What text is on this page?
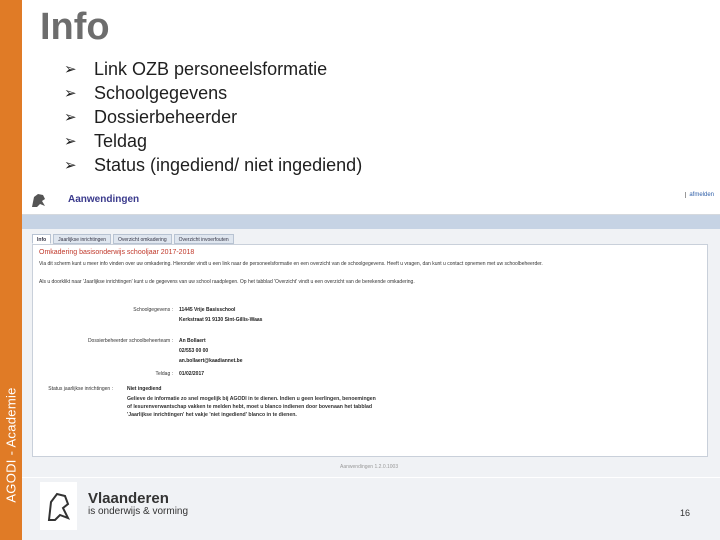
AGODI - Academie
Info
➢ Link OZB personeelsformatie
➢ Schoolgegevens
➢ Dossierbeheerder
➢ Teldag
➢ Status (ingediend/ niet ingediend)
Aanwendingen	afmelden
Info	Jaarlijkse inrichtingen	Overzicht omkadering	Overzicht invoerfouten
Omkadering basisonderwijs schooljaar 2017-2018
Via dit scherm kunt u meer info vinden over uw omkadering. Hieronder vindt u een link naar de personeelsformatie en een overzicht van de schoolgegevens. Heeft u vragen, dan kunt u contact opnemen met uw schoolbeheerder.
Als u doorklikt naar 'Jaarlijkse inrichtingen' kunt u de gegevens van uw school raadplegen. Op het tabblad 'Overzicht' vindt u een overzicht van de berekende omkadering.
Schoolgegevens : 11445 Vrije Basisschool
Kerkstraat 91 9130 Sint-Gillis-Waas
Dossierbeheerder schoolbeheerteam : An Bollaert
02/553 00 00
an.bollaert@kaadiannet.be
Teldag : 01/02/2017
Status jaarlijkse inrichtingen :	Niet ingediend
Gelieve de informatie zo snel mogelijk bij AGODI in te dienen. Indien u geen leerlingen, benoemingen of lesurenverwantschap vakken te melden hebt, moet u blanco indienen door bovenaan het tabblad 'Jaarlijkse inrichtingen' het vakje 'niet ingediend' blanco in te dienen.
Aanwendingen 1.2.0.1003
Vlaanderen
is onderwijs & vorming	16
